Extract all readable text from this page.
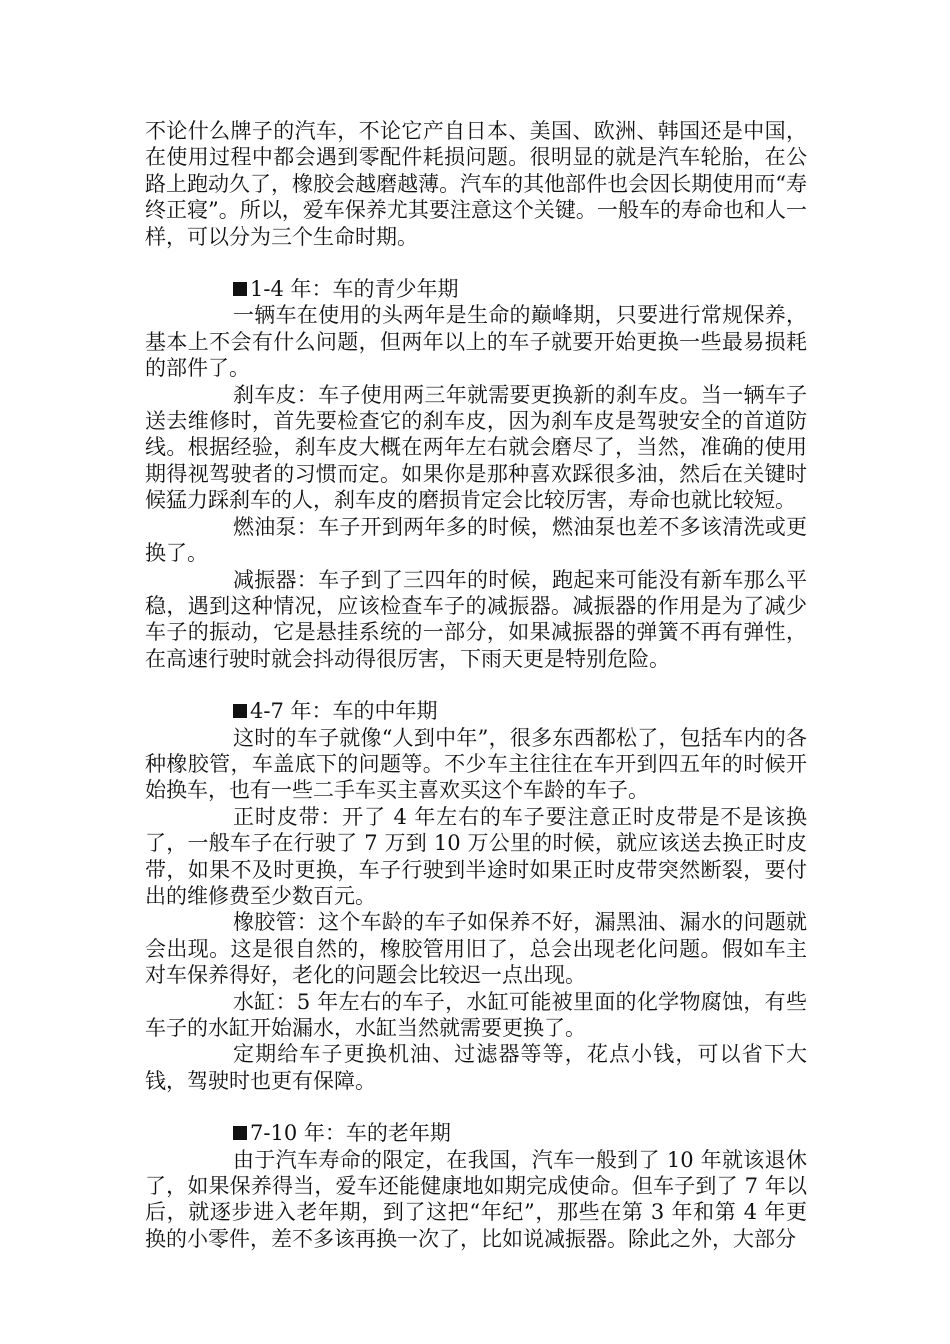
不论什么牌子的汽车，不论它产自日本、美国、欧洲、韩国还是中国，在使用过程中都会遇到零配件耗损问题。很明显的就是汽车轮胎，在公路上跑动久了，橡胶会越磨越薄。汽车的其他部件也会因长期使用而“寿终正寝”。所以，爱车保养尤其要注意这个关键。一般车的寿命也和人一样，可以分为三个生命时期。

1-4 年：车的青少年期

一辆车在使用的头两年是生命的巅峰期，只要进行常规保养，基本上不会有什么问题，但两年以上的车子就要开始更换一些最易损耗的部件了。

刹车皮：车子使用两三年就需要更换新的刹车皮。当一辆车子送去维修时，首先要检查它的刹车皮，因为刹车皮是驾驶安全的首道防线。根据经验，刹车皮大概在两年左右就会磨尽了，当然，准确的使用期得视驾驶者的习惯而定。如果你是那种喜欢踩很多油，然后在关键时候猛力踩刹车的人，刹车皮的磨损肯定会比较厉害，寿命也就比较短。

燃油泵：车子开到两年多的时候，燃油泵也差不多该清洗或更换了。

减振器：车子到了三四年的时候，跑起来可能没有新车那么平稳，遇到这种情况，应该检查车子的减振器。减振器的作用是为了减少车子的振动，它是悬挂系统的一部分，如果减振器的弹簧不再有弹性，在高速行驶时就会抖动得很厉害，下雨天更是特别危险。

4-7 年：车的中年期

这时的车子就像“人到中年”，很多东西都松了，包括车内的各种橡胶管，车盖底下的问题等。不少车主往往在车开到四五年的时候开始换车，也有一些二手车买主喜欢买这个车龄的车子。

正时皮带：开了 4 年左右的车子要注意正时皮带是不是该换了，一般车子在行驶了 7 万到 10 万公里的时候，就应该送去换正时皮带，如果不及时更换，车子行驶到半途时如果正时皮带突然断裂，要付出的维修费至少数百元。

橡胶管：这个车龄的车子如保养不好，漏黑油、漏水的问题就会出现。这是很自然的，橡胶管用旧了，总会出现老化问题。假如车主对车保养得好，老化的问题会比较迟一点出现。

水缸：5 年左右的车子，水缸可能被里面的化学物腐蚀，有些车子的水缸开始漏水，水缸当然就需要更换了。

定期给车子更换机油、过滤器等等，花点小钱，可以省下大钱，驾驶时也更有保障。

7-10 年：车的老年期

由于汽车寿命的限定，在我国，汽车一般到了 10 年就该退休了，如果保养得当，爱车还能健康地如期完成使命。但车子到了 7 年以后，就逐步进入老年期，到了这把“年纪”，那些在第 3 年和第 4 年更换的小零件，差不多该再换一次了，比如说减振器。除此之外，大部分
